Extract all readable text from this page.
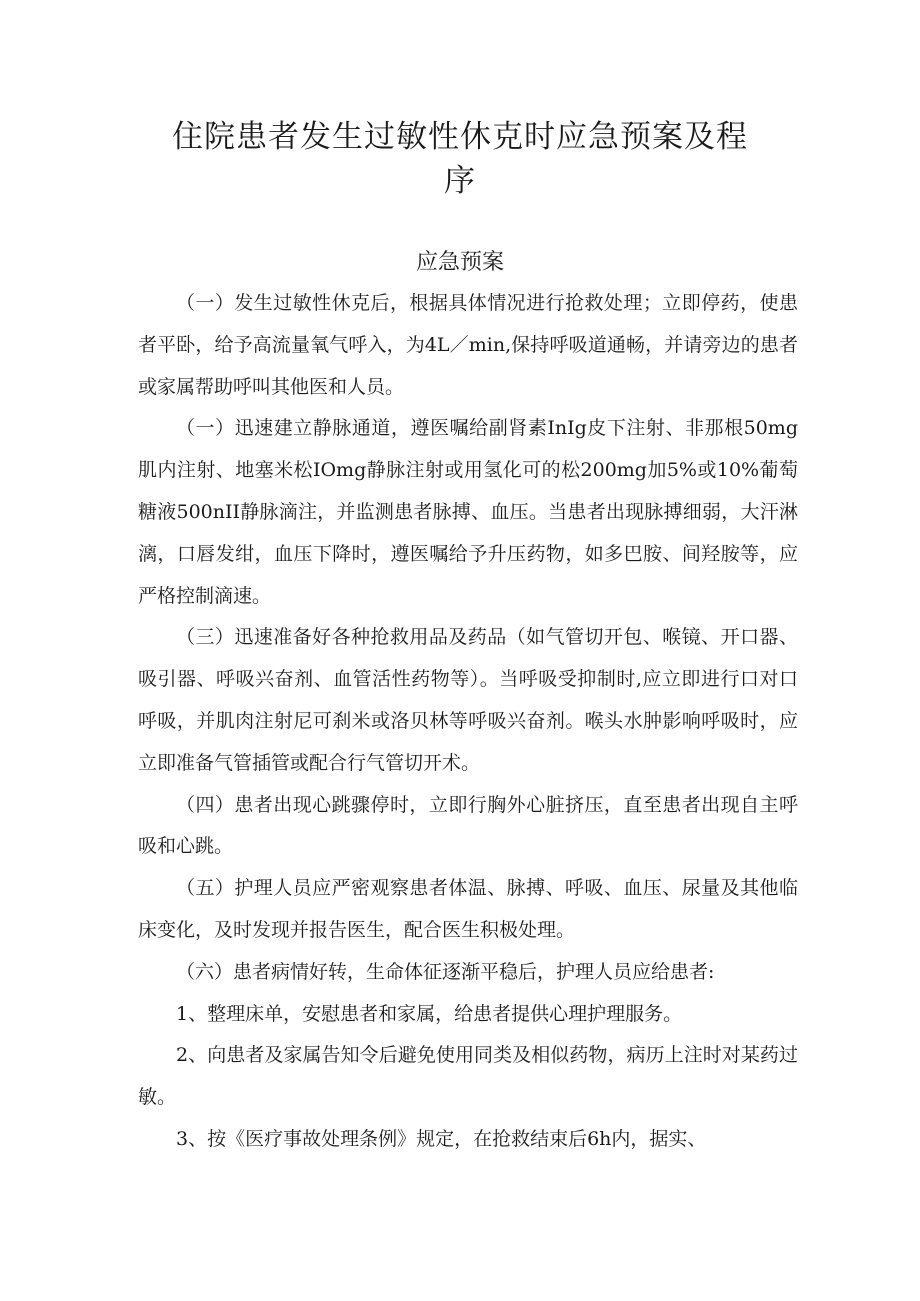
住院患者发生过敏性休克时应急预案及程
序
应急预案

（一）发生过敏性休克后，根据具体情况进行抢救处理；立即停药，使患者平卧，给予高流量氧气呼入，为4L／min,保持呼吸道通畅，并请旁边的患者或家属帮助呼叫其他医和人员。

（一）迅速建立静脉通道，遵医嘱给副肾素InIg皮下注射、非那根50mg肌内注射、地塞米松IOmg静脉注射或用氢化可的松200mg加5%或10%葡萄糖液500nII静脉滴注，并监测患者脉搏、血压。当患者出现脉搏细弱，大汗淋漓，口唇发绀，血压下降时，遵医嘱给予升压药物，如多巴胺、间羟胺等，应严格控制滴速。

（三）迅速准备好各种抢救用品及药品（如气管切开包、喉镜、开口器、吸引器、呼吸兴奋剂、血管活性药物等）。当呼吸受抑制时,应立即进行口对口呼吸，并肌肉注射尼可刹米或洛贝林等呼吸兴奋剂。喉头水肿影响呼吸时，应立即准备气管插管或配合行气管切开术。

（四）患者出现心跳骤停时，立即行胸外心脏挤压，直至患者出现自主呼吸和心跳。

（五）护理人员应严密观察患者体温、脉搏、呼吸、血压、尿量及其他临床变化，及时发现并报告医生，配合医生积极处理。

（六）患者病情好转，生命体征逐渐平稳后，护理人员应给患者:

1、整理床单，安慰患者和家属，给患者提供心理护理服务。

2、向患者及家属告知令后避免使用同类及相似药物，病历上注时对某药过敏。

3、按《医疗事故处理条例》规定，在抢救结束后6h内，据实、
